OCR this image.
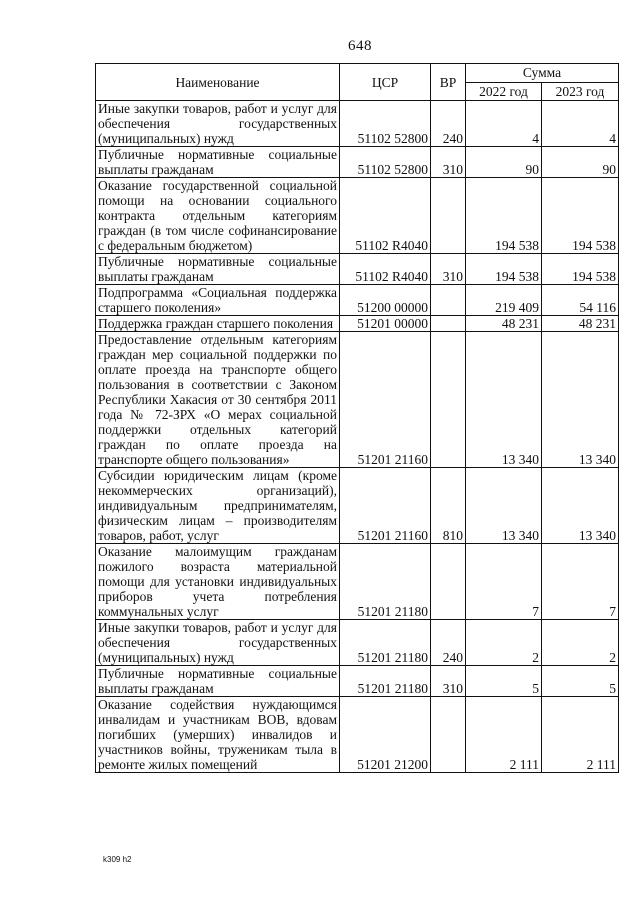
648
Наименование	ЦСР	ВР	Сумма	
			2022 год	2023 год
Иные закупки товаров, работ и услуг для обеспечения государственных (муниципальных) нужд	51102 52800	240	4	4
Публичные нормативные социальные выплаты гражданам	51102 52800	310	90	90
Оказание государственной социальной помощи на основании социального контракта отдельным категориям граждан (в том числе софинансирование с федеральным бюджетом)	51102 R4040		194 538	194 538
Публичные нормативные социальные выплаты гражданам	51102 R4040	310	194 538	194 538
Подпрограмма «Социальная поддержка старшего поколения»	51200 00000		219 409	54 116
Поддержка граждан старшего поколения	51201 00000		48 231	48 231
Предоставление отдельным категориям граждан мер социальной поддержки по оплате проезда на транспорте общего пользования в соответствии с Законом Республики Хакасия от 30 сентября 2011 года № 72-ЗРХ «О мерах социальной поддержки отдельных категорий граждан по оплате проезда на транспорте общего пользования»	51201 21160		13 340	13 340
Субсидии юридическим лицам (кроме некоммерческих организаций), индивидуальным предпринимателям, физическим лицам – производителям товаров, работ, услуг	51201 21160	810	13 340	13 340
Оказание малоимущим гражданам пожилого возраста материальной помощи для установки индивидуальных приборов учета потребления коммунальных услуг	51201 21180		7	7
Иные закупки товаров, работ и услуг для обеспечения государственных (муниципальных) нужд	51201 21180	240	2	2
Публичные нормативные социальные выплаты гражданам	51201 21180	310	5	5
Оказание содействия нуждающимся инвалидам и участникам ВОВ, вдовам погибших (умерших) инвалидов и участников войны, труженикам тыла в ремонте жилых помещений	51201 21200		2 111	2 111
k309 h2
